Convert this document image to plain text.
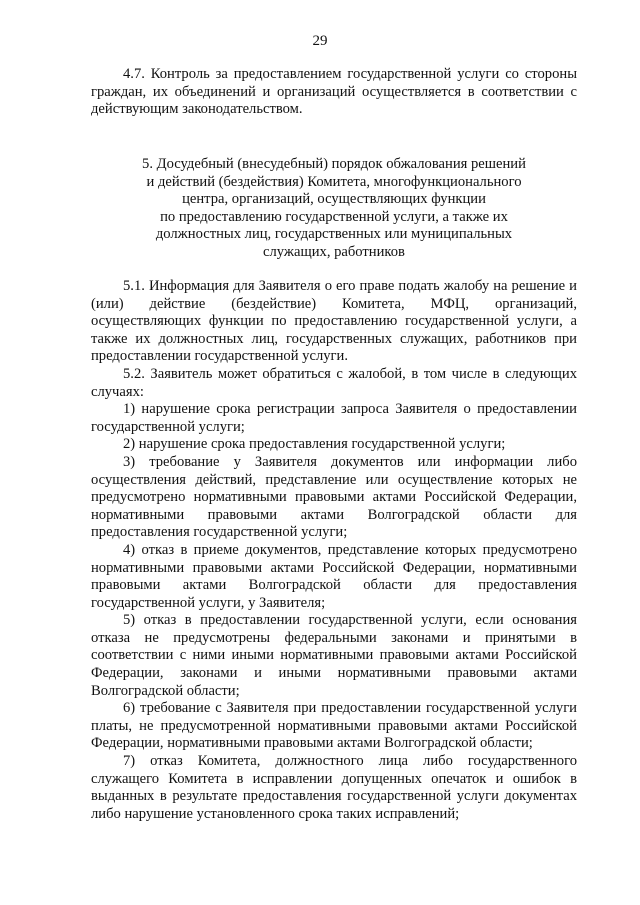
29

4.7. Контроль за предоставлением государственной услуги со стороны граждан, их объединений и организаций осуществляется в соответствии с действующим законодательством.

5. Досудебный (внесудебный) порядок обжалования решений
и действий (бездействия) Комитета, многофункционального
центра, организаций, осуществляющих функции
по предоставлению государственной услуги, а также их
должностных лиц, государственных или муниципальных
служащих, работников

5.1. Информация для Заявителя о его праве подать жалобу на решение и (или) действие (бездействие) Комитета, МФЦ, организаций, осуществляющих функции по предоставлению государственной услуги, а также их должностных лиц, государственных служащих, работников при предоставлении государственной услуги.

5.2. Заявитель может обратиться с жалобой, в том числе в следующих случаях:

1) нарушение срока регистрации запроса Заявителя о предоставлении государственной услуги;

2) нарушение срока предоставления государственной услуги;

3) требование у Заявителя документов или информации либо осуществления действий, представление или осуществление которых не предусмотрено нормативными правовыми актами Российской Федерации, нормативными правовыми актами Волгоградской области для предоставления государственной услуги;

4) отказ в приеме документов, представление которых предусмотрено нормативными правовыми актами Российской Федерации, нормативными правовыми актами Волгоградской области для предоставления государственной услуги, у Заявителя;

5) отказ в предоставлении государственной услуги, если основания отказа не предусмотрены федеральными законами и принятыми в соответствии с ними иными нормативными правовыми актами Российской Федерации, законами и иными нормативными правовыми актами Волгоградской области;

6) требование с Заявителя при предоставлении государственной услуги платы, не предусмотренной нормативными правовыми актами Российской Федерации, нормативными правовыми актами Волгоградской области;

7) отказ Комитета, должностного лица либо государственного служащего Комитета в исправлении допущенных опечаток и ошибок в выданных в результате предоставления государственной услуги документах либо нарушение установленного срока таких исправлений;
